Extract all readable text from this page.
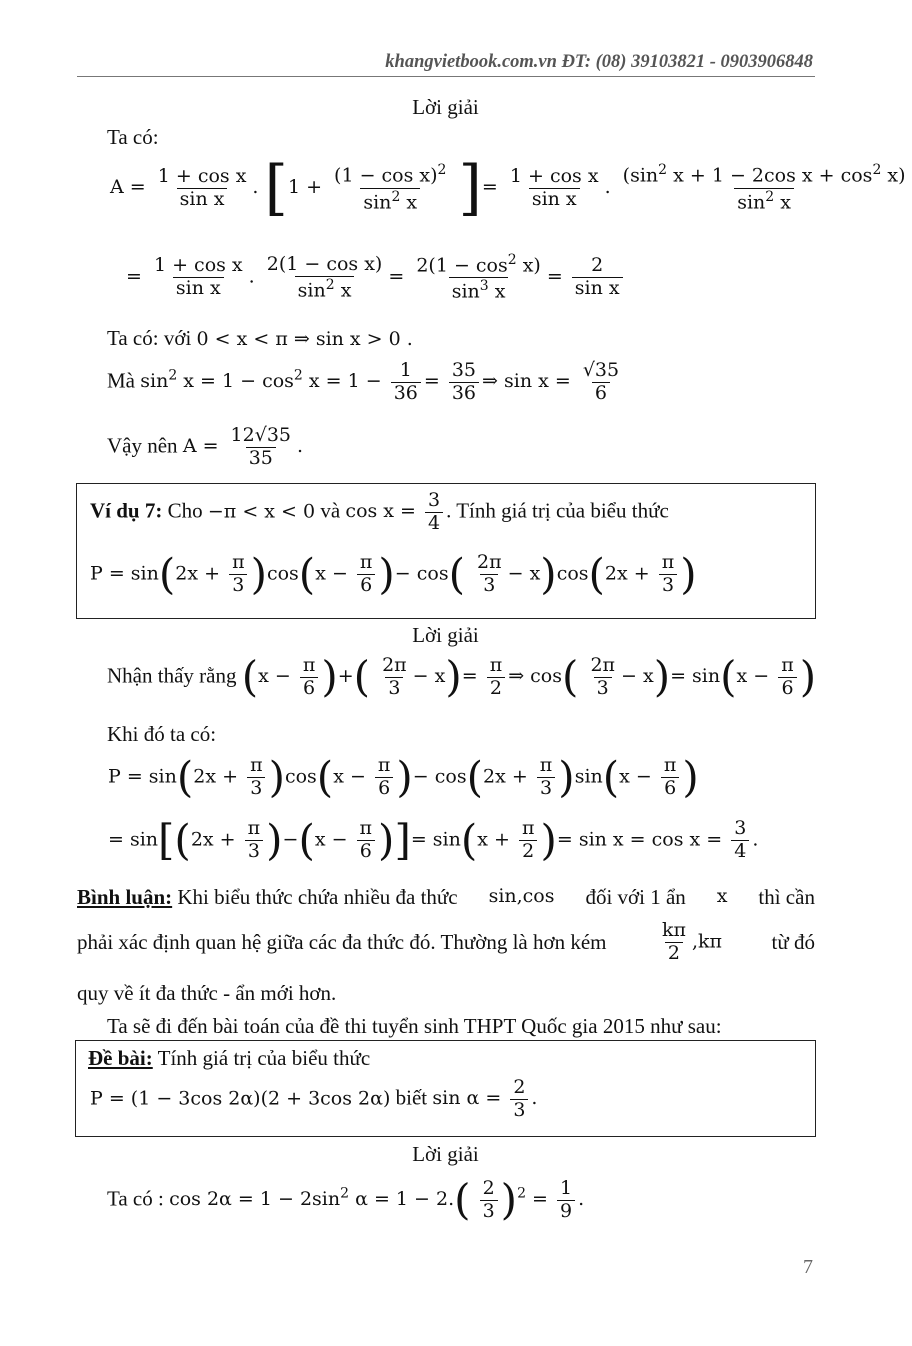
khangvietbook.com.vn ĐT: (08) 39103821 - 0903906848
Lời giải
Ta có:
$A = \frac{\text{1 + cos x}}{\text{sin x}}$ . [$1 + \frac{(1 - \cos x)^2}{\sin^2 x}$ ]= $\frac{\text{1 + cos x}}{\text{sin x}}$ . $\frac{(\sin^2 x + 1 - 2\cos x + \cos^2 x)}{\sin^2 x}$
= $\frac{\text{1 + cos x}}{\text{sin x}}$ . $\frac{\text{2(1 − cos x)}}{\sin^2 x} = \frac{2(1 - \cos^2 x)}{\sin^3 x} = \frac{2}{\text{sin x}}$
Ta có: với 0 < x < π ⇒ sin x > 0 .
Mà $\sin^2 x = 1 - \cos^2 x = 1 - \frac{1}{36} = \frac{35}{36}$ ⇒ $\sin x = \frac{√35}{6}$
Vậy nên $A = \frac{12√35}{35}$ .
Ví dụ 7: Cho −π < x < 0 và $\cos x = \frac{3}{4}$ . Tính giá trị của biểu thức
$P = \sin(2x + \frac{\pi}{3} )\cos(x - \frac{\pi}{6}$ )− $\cos( \frac{2\pi}{3} - x)\cos(2x + \frac{\pi}{3}$ )
Lời giải
Nhận thấy rằng ($x - \frac{\pi}{6}$ )+( $\frac{2\pi}{3} - x)= \frac{\pi}{2}$ ⇒ $\cos( \frac{2\pi}{3} - x)= \sin(x - \frac{\pi}{6}$ )
Khi đó ta có:
$P = \sin(2x + \frac{\pi}{3} )\cos(x - \frac{\pi}{6}$ )− $\cos(2x + \frac{\pi}{3} )\sin(x - \frac{\pi}{6}$ )
= $\sin[(2x + \frac{\pi}{3} )-(x - \frac{\pi}{6}$ )]= $\sin(x + \frac{\pi}{2}$ )= $\sin x = \cos x = \frac{3}{4}$ .
Bình luận: Khi biểu thức chứa nhiều đa thức sin,cos đối với 1 ẩn x thì cần
phải xác định quan hệ giữa các đa thức đó. Thường là hơn kém	$\frac{k\pi}{2} ,k\pi$ từ đó
quy về ít đa thức - ẩn mới hơn.
Ta sẽ đi đến bài toán của đề thi tuyển sinh THPT Quốc gia 2015 như sau:
Đề bài: Tính giá trị của biểu thức
P = (1 − 3cos 2α)(2 + 3cos 2α) biết $\sin \alpha = \frac{2}{3}$ .
Lời giải
Ta có : $\cos 2\alpha = 1 - 2\sin^2$ $\alpha = 1 - 2.( \frac{2}{3} )^2 = \frac{1}{9}$ .
7
